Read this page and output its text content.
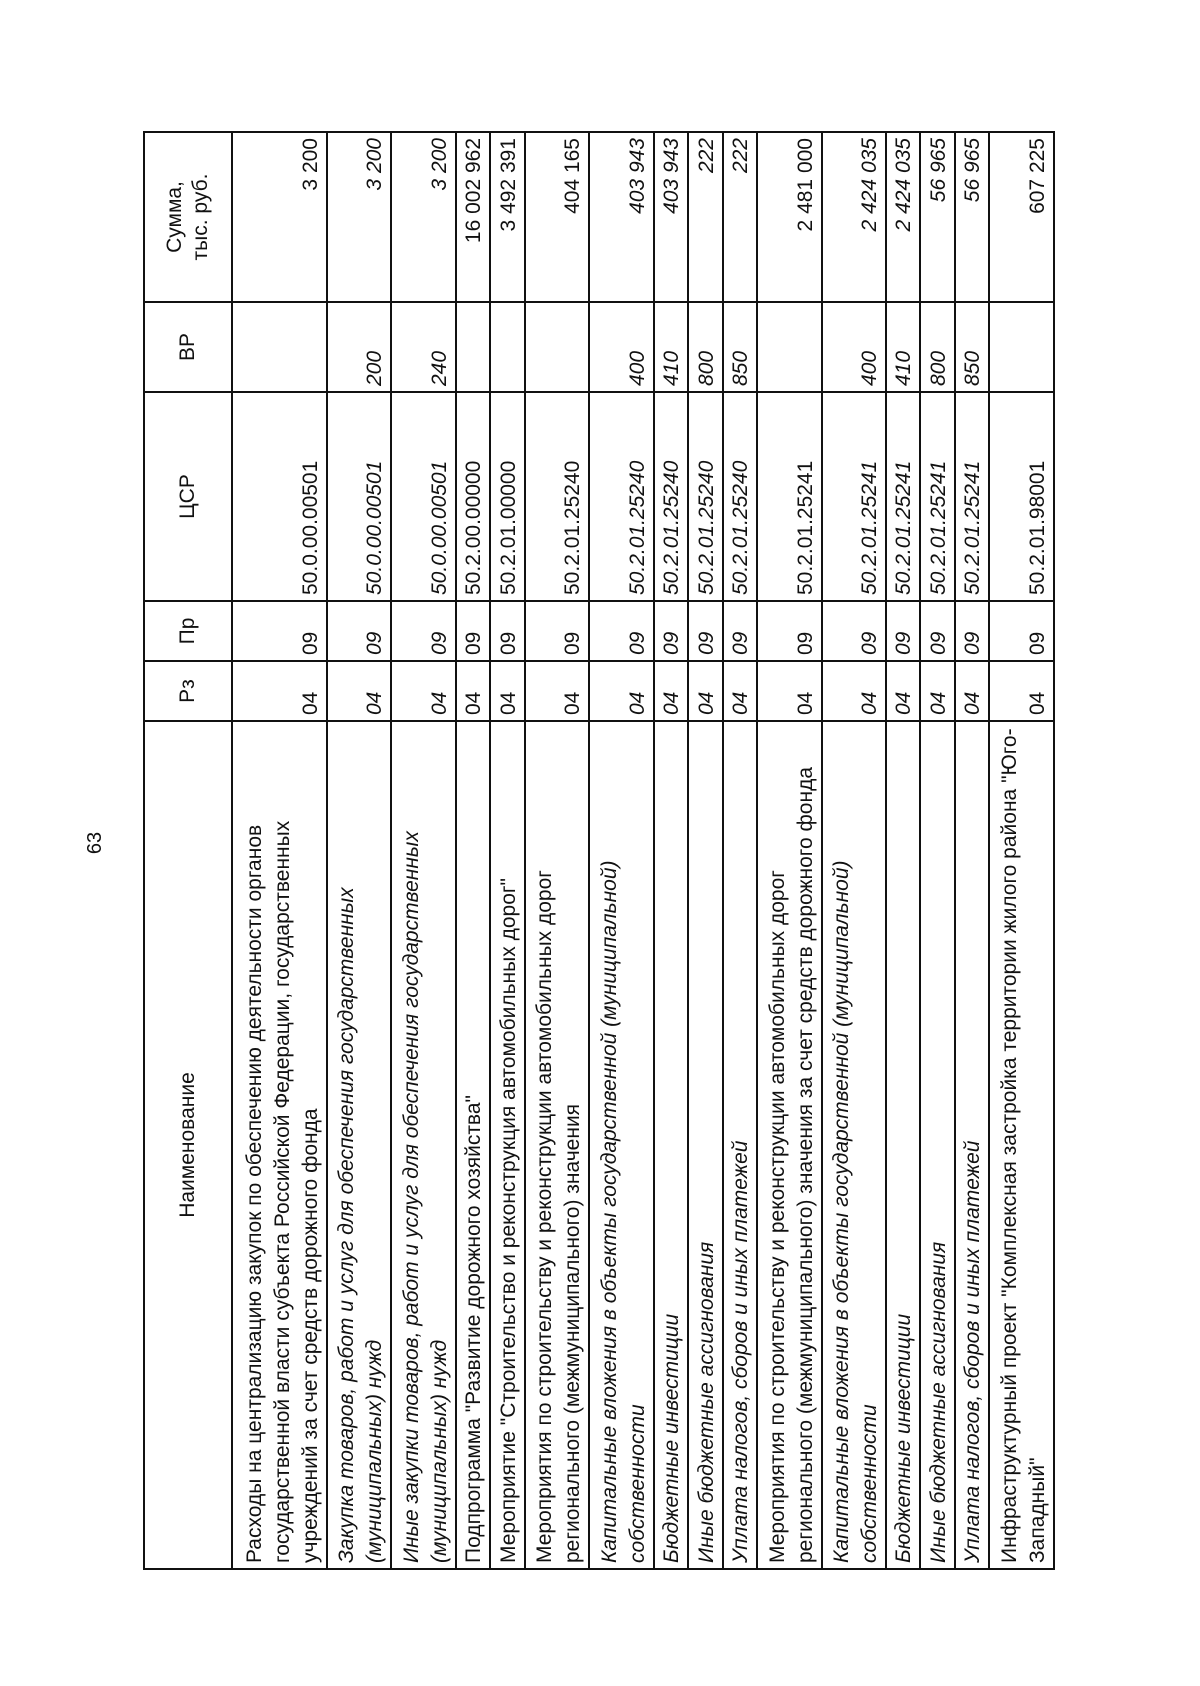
63
Наименование	Рз	Пр	ЦСР	ВР	Сумма, тыс. руб.
Расходы на централизацию закупок по обеспечению деятельности органов государственной власти субъекта Российской Федерации, государственных учреждений за счет средств дорожного фонда	04	09	50.0.00.00501		3 200
Закупка товаров, работ и услуг для обеспечения государственных (муниципальных) нужд	04	09	50.0.00.00501	200	3 200
Иные закупки товаров, работ и услуг для обеспечения государственных (муниципальных) нужд	04	09	50.0.00.00501	240	3 200
Подпрограмма "Развитие дорожного хозяйства"	04	09	50.2.00.00000		16 002 962
Мероприятие "Строительство и реконструкция автомобильных дорог"	04	09	50.2.01.00000		3 492 391
Мероприятия по строительству и реконструкции автомобильных дорог регионального (межмуниципального) значения	04	09	50.2.01.25240		404 165
Капитальные вложения в объекты государственной (муниципальной) собственности	04	09	50.2.01.25240	400	403 943
Бюджетные инвестиции	04	09	50.2.01.25240	410	403 943
Иные бюджетные ассигнования	04	09	50.2.01.25240	800	222
Уплата налогов, сборов и иных платежей	04	09	50.2.01.25240	850	222
Мероприятия по строительству и реконструкции автомобильных дорог регионального (межмуниципального) значения за счет средств дорожного фонда	04	09	50.2.01.25241		2 481 000
Капитальные вложения в объекты государственной (муниципальной) собственности	04	09	50.2.01.25241	400	2 424 035
Бюджетные инвестиции	04	09	50.2.01.25241	410	2 424 035
Иные бюджетные ассигнования	04	09	50.2.01.25241	800	56 965
Уплата налогов, сборов и иных платежей	04	09	50.2.01.25241	850	56 965
Инфраструктурный проект "Комплексная застройка территории жилого района "Юго-Западный"	04	09	50.2.01.98001		607 225
